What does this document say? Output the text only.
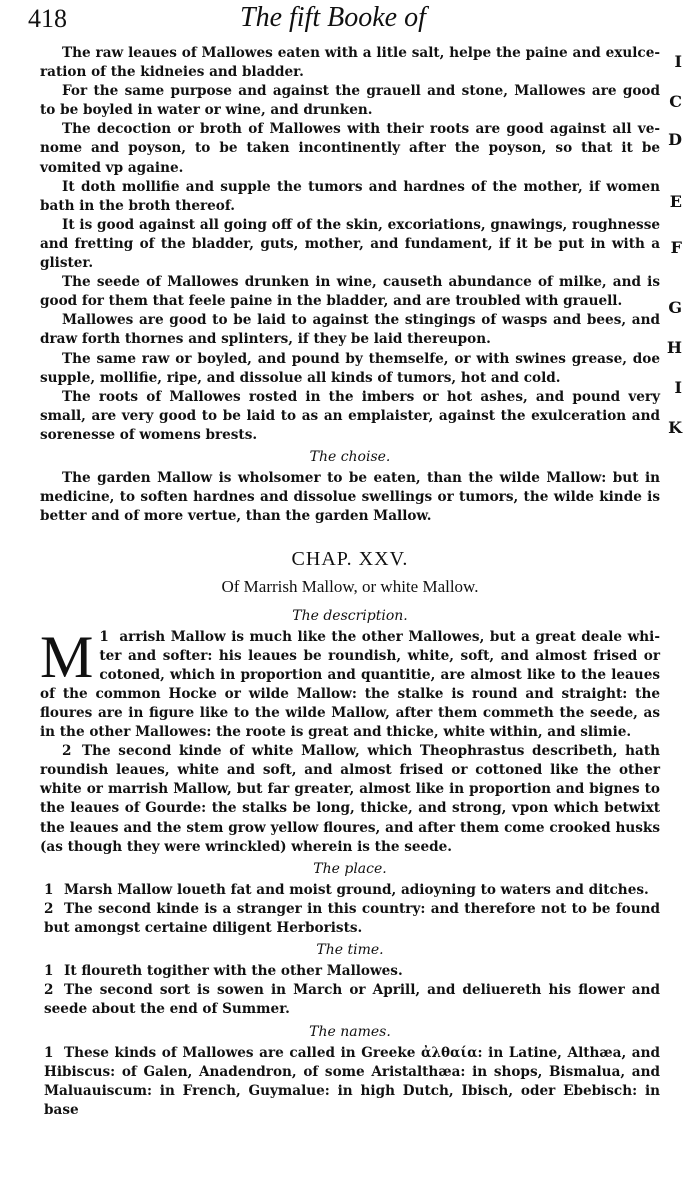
418	The fift Booke of
I
C
D
E
F
G
H
I
K

The raw leaues of Mallowes eaten with a litle salt, helpe the paine and exulce-ration of the kidneies and bladder.

For the same purpose and against the grauell and stone, Mallowes are good to be boyled in water or wine, and drunken.

The decoction or broth of Mallowes with their roots are good against all ve-nome and poyson, to be taken incontinently after the poyson, so that it be vomited vp againe.

It doth mollifie and supple the tumors and hardnes of the mother, if women bath in the broth thereof.

It is good against all going off of the skin, excoriations, gnawings, roughnesse and fretting of the bladder, guts, mother, and fundament, if it be put in with a glister.

The seede of Mallowes drunken in wine, causeth abundance of milke, and is good for them that feele paine in the bladder, and are troubled with grauell.

Mallowes are good to be laid to against the stingings of wasps and bees, and draw forth thornes and splinters, if they be laid thereupon.

The same raw or boyled, and pound by themselfe, or with swines grease, doe supple, mollifie, ripe, and dissolue all kinds of tumors, hot and cold.

The roots of Mallowes rosted in the imbers or hot ashes, and pound very small, are very good to be laid to as an emplaister, against the exulceration and sorenesse of womens brests.

The choise.

The garden Mallow is wholsomer to be eaten, than the wilde Mallow: but in medicine, to soften hardnes and dissolue swellings or tumors, the wilde kinde is better and of more vertue, than the garden Mallow.

CHAP. XXV.
Of Marrish Mallow, or white Mallow.
The description.

1
M arrish Mallow is much like the other Mallowes, but a great deale whi-ter and softer: his leaues be roundish, white, soft, and almost frised or cotoned, which in proportion and quantitie, are almost like to the leaues of the common Hocke or wilde Mallow: the stalke is round and straight: the floures are in figure like to the wilde Mallow, after them commeth the seede, as in the other Mallowes: the roote is great and thicke, white within, and slimie.

2 The second kinde of white Mallow, which Theophrastus describeth, hath roundish leaues, white and soft, and almost frised or cottoned like the other white or marrish Mallow, but far greater, almost like in proportion and bignes to the leaues of Gourde: the stalks be long, thicke, and strong, vpon which betwixt the leaues and the stem grow yellow floures, and after them come crooked husks (as though they were wrinckled) wherein is the seede.

The place.

1 Marsh Mallow loueth fat and moist ground, adioyning to waters and ditches.

2 The second kinde is a stranger in this country: and therefore not to be found but amongst certaine diligent Herborists.

The time.

1 It floureth togither with the other Mallowes.

2 The second sort is sowen in March or Aprill, and deliuereth his flower and seede about the end of Summer.

The names.

1 These kinds of Mallowes are called in Greeke ἀλθαία: in Latine, Althæa, and Hibiscus: of Galen, Anadendron, of some Aristalthæa: in shops, Bismalua, and Maluauiscum: in French, Guymalue: in high Dutch, Ibisch, oder Ebebisch: in base
